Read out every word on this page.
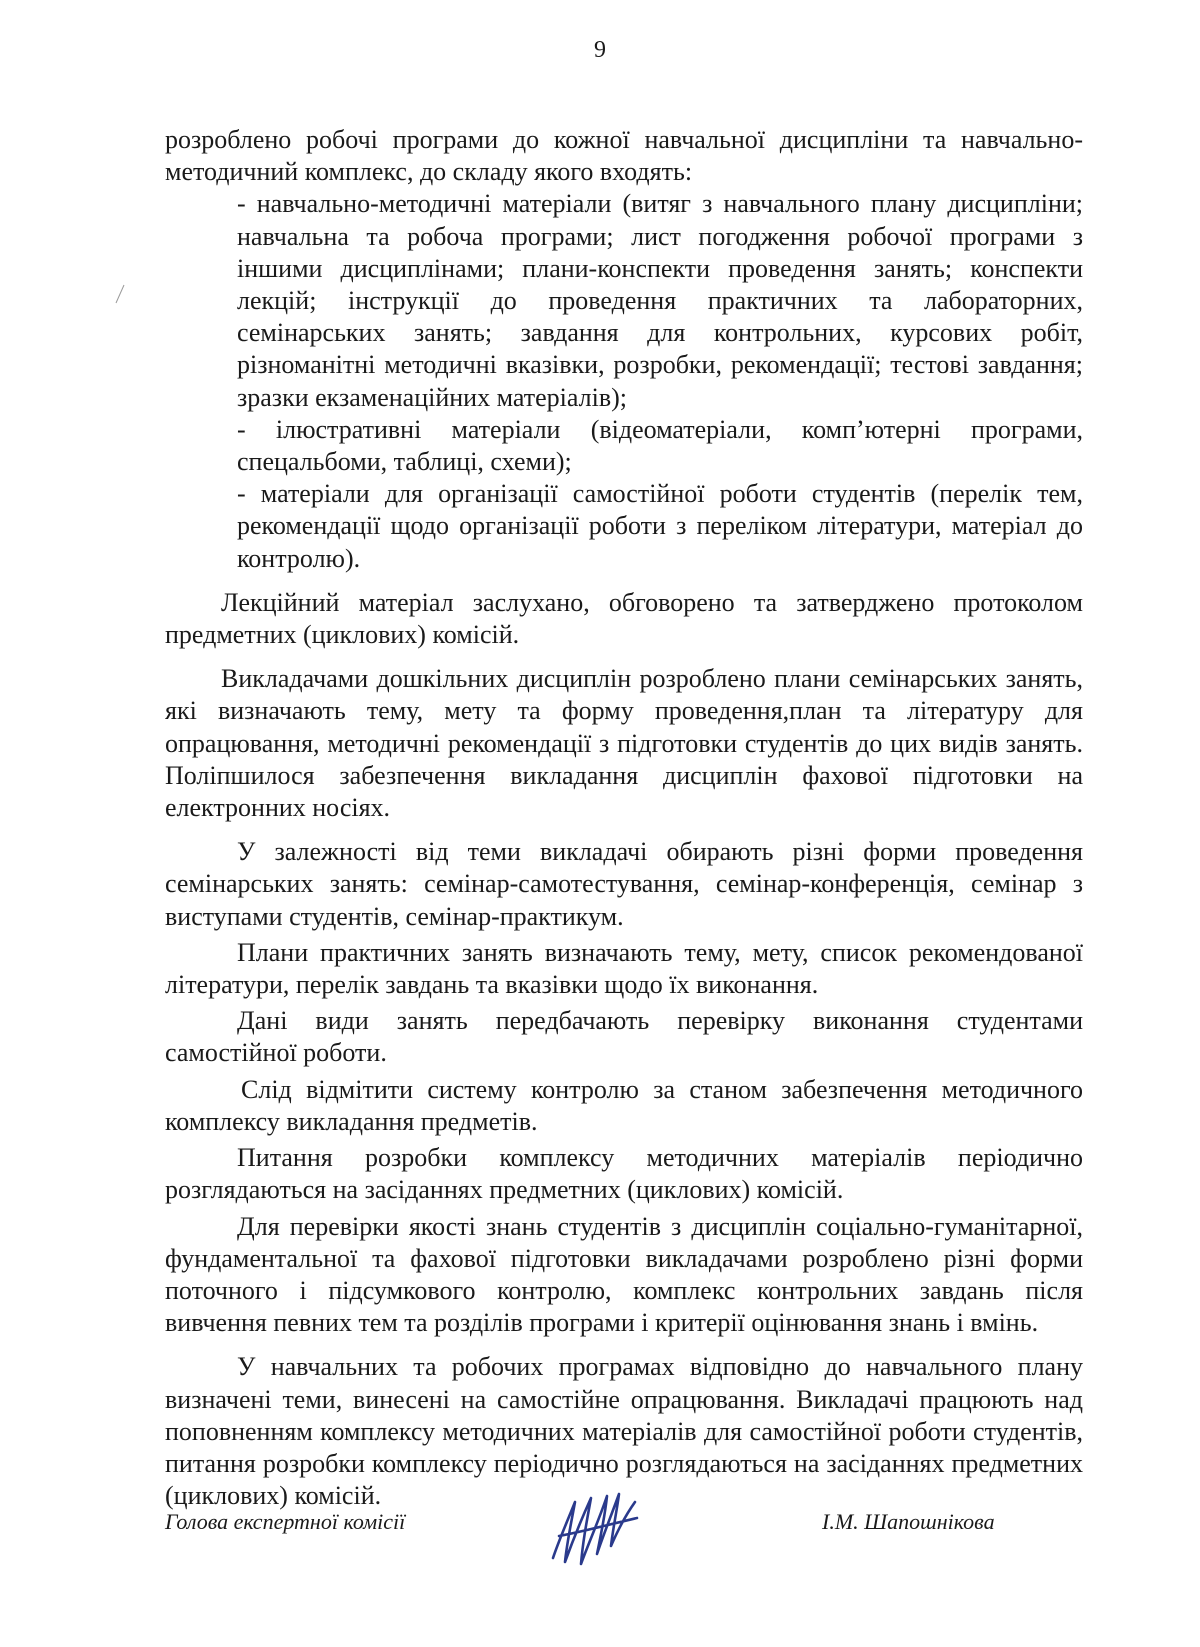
9

розроблено робочі програми до кожної навчальної дисципліни та навчально-методичний комплекс, до складу якого входять:

- навчально-методичні матеріали (витяг з навчального плану дисципліни; навчальна та робоча програми; лист погодження робочої програми з іншими дисциплінами; плани-конспекти проведення занять; конспекти лекцій; інструкції до проведення практичних та лабораторних, семінарських занять; завдання для контрольних, курсових робіт, різноманітні методичні вказівки, розробки, рекомендації; тестові завдання; зразки екзаменаційних матеріалів);

- ілюстративні матеріали (відеоматеріали, комп’ютерні програми, спецальбоми, таблиці, схеми);

- матеріали для організації самостійної роботи студентів (перелік тем, рекомендації щодо організації роботи з переліком літератури, матеріал до контролю).

Лекційний матеріал заслухано, обговорено та затверджено протоколом предметних (циклових) комісій.

Викладачами дошкільних дисциплін розроблено плани семінарських занять, які визначають тему, мету та форму проведення,план та літературу для опрацювання, методичні рекомендації з підготовки студентів до цих видів занять. Поліпшилося забезпечення викладання дисциплін фахової підготовки на електронних носіях.

У залежності від теми викладачі обирають різні форми проведення семінарських занять: семінар-самотестування, семінар-конференція, семінар з виступами студентів, семінар-практикум.

Плани практичних занять визначають тему, мету, список рекомендованої літератури, перелік завдань та вказівки щодо їх виконання.

Дані види занять передбачають перевірку виконання студентами самостійної роботи.

Слід відмітити систему контролю за станом забезпечення методичного комплексу викладання предметів.

Питання розробки комплексу методичних матеріалів періодично розглядаються на засіданнях предметних (циклових) комісій.

Для перевірки якості знань студентів з дисциплін соціально-гуманітарної, фундаментальної та фахової підготовки викладачами розроблено різні форми поточного і підсумкового контролю, комплекс контрольних завдань після вивчення певних тем та розділів програми і критерії оцінювання знань і вмінь.

У навчальних та робочих програмах відповідно до навчального плану визначені теми, винесені на самостійне опрацювання. Викладачі працюють над поповненням комплексу методичних матеріалів для самостійної роботи студентів, питання розробки комплексу періодично розглядаються на засіданнях предметних (циклових) комісій.

Голова експертної комісії	І.М. Шапошнікова
